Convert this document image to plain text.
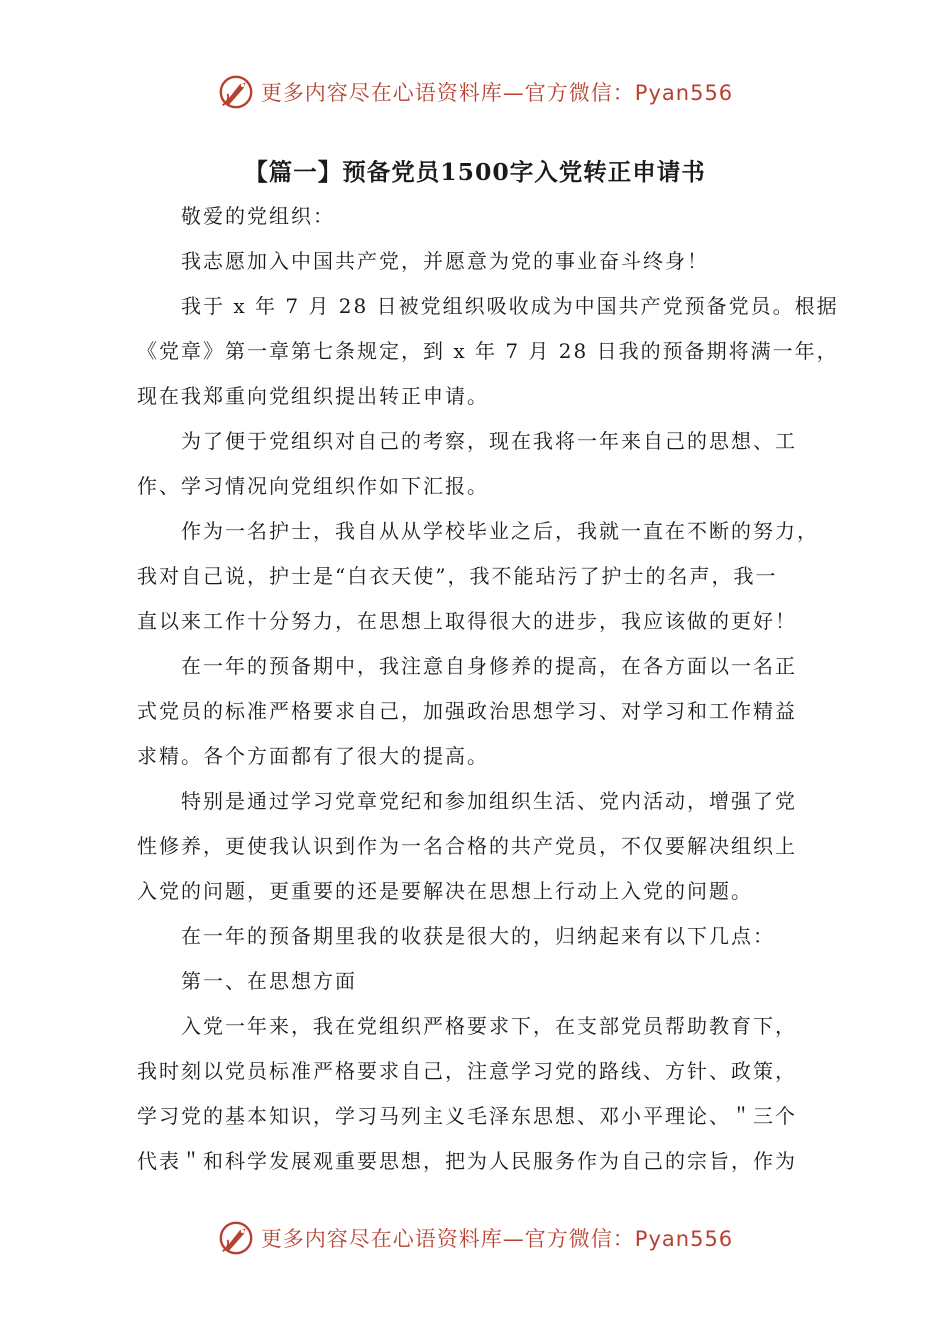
更多内容尽在心语资料库—官方微信：Pyan556
【篇一】预备党员1500字入党转正申请书
敬爱的党组织：
我志愿加入中国共产党，并愿意为党的事业奋斗终身！
我于 x 年 7 月 28 日被党组织吸收成为中国共产党预备党员。根据
《党章》第一章第七条规定，到 x 年 7 月 28 日我的预备期将满一年，
现在我郑重向党组织提出转正申请。
为了便于党组织对自己的考察，现在我将一年来自己的思想、工
作、学习情况向党组织作如下汇报。
作为一名护士，我自从从学校毕业之后，我就一直在不断的努力，
我对自己说，护士是“白衣天使”，我不能玷污了护士的名声，我一
直以来工作十分努力，在思想上取得很大的进步，我应该做的更好！
在一年的预备期中，我注意自身修养的提高，在各方面以一名正
式党员的标准严格要求自己，加强政治思想学习、对学习和工作精益
求精。各个方面都有了很大的提高。
特别是通过学习党章党纪和参加组织生活、党内活动，增强了党
性修养，更使我认识到作为一名合格的共产党员，不仅要解决组织上
入党的问题，更重要的还是要解决在思想上行动上入党的问题。
在一年的预备期里我的收获是很大的，归纳起来有以下几点：
第一、在思想方面
入党一年来，我在党组织严格要求下，在支部党员帮助教育下，
我时刻以党员标准严格要求自己，注意学习党的路线、方针、政策，
学习党的基本知识，学习马列主义毛泽东思想、邓小平理论、＂三个
代表＂和科学发展观重要思想，把为人民服务作为自己的宗旨，作为
更多内容尽在心语资料库—官方微信：Pyan556
